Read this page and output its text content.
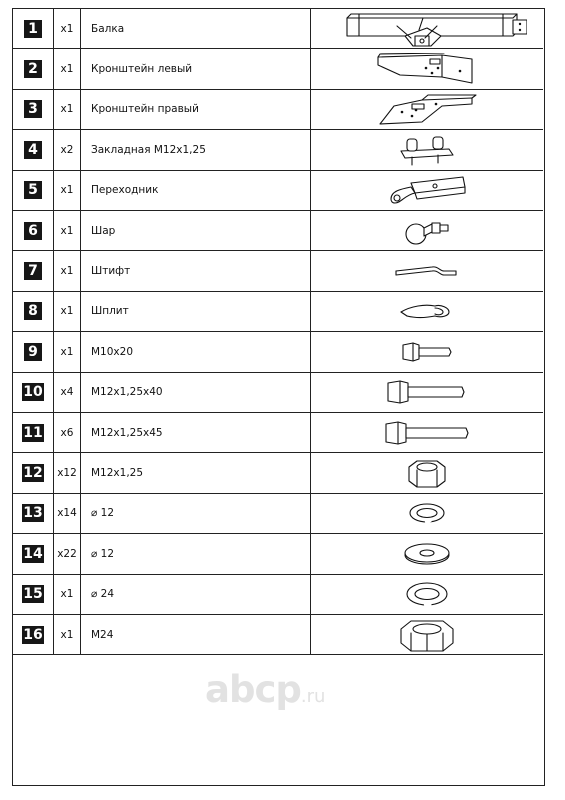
1	x1	Балка
2	x1	Кронштейн левый
3	x1	Кронштейн правый
4	x2	Закладная M12x1,25
5	x1	Переходник
6	x1	Шар
7	x1	Штифт
8	x1	Шплит
9	x1	M10x20
10	x4	M12x1,25x40
11	x6	M12x1,25x45
12	x12	M12x1,25
13	x14	⌀ 12
14	x22	⌀ 12
15	x1	⌀ 24
16	x1	M24
abcp.ru
